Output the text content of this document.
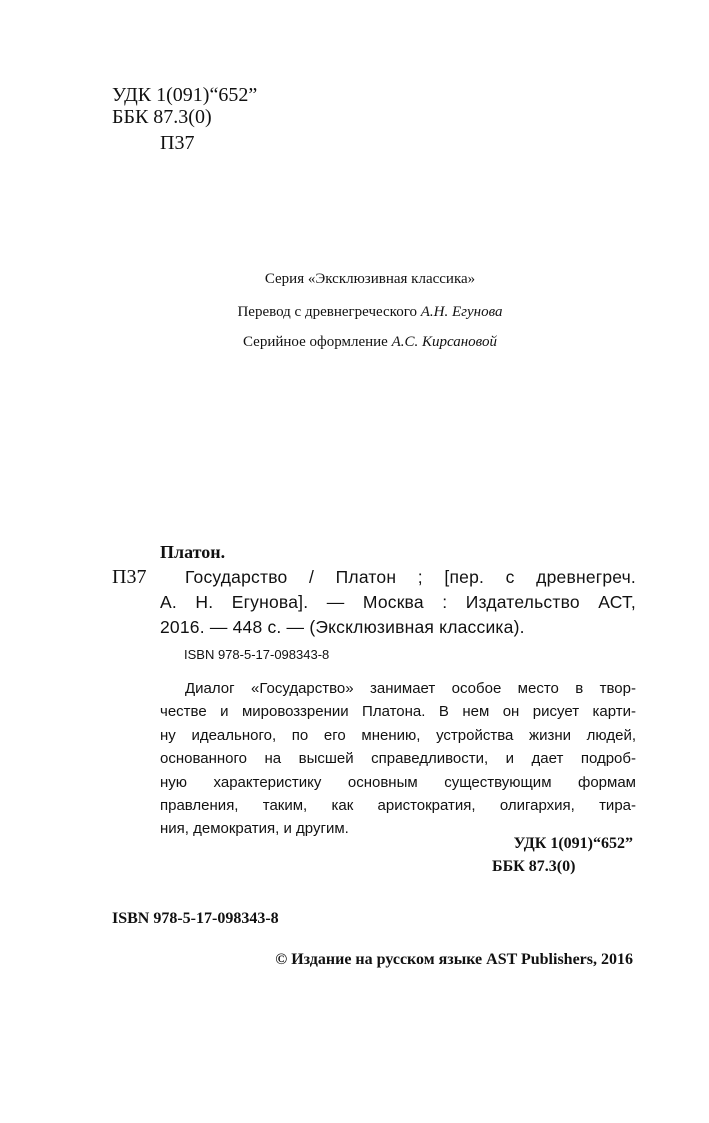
УДК 1(091)“652”
ББК 87.3(0)
П37
Серия «Эксклюзивная классика»
Перевод с древнегреческого А.Н. Егунова
Серийное оформление А.С. Кирсановой
Платон.
П37	Государство / Платон ; [пер. с древнегреч.
А. Н. Егунова]. — Москва : Издательство АСТ,
2016. — 448 с. — (Эксклюзивная классика).
ISBN 978-5-17-098343-8
Диалог «Государство» занимает особое место в твор-
честве и мировоззрении Платона. В нем он рисует карти-
ну идеального, по его мнению, устройства жизни людей,
основанного на высшей справедливости, и дает подроб-
ную характеристику основным существующим формам
правления, таким, как аристократия, олигархия, тира-
ния, демократия, и другим.
УДК 1(091)“652”
ББК 87.3(0)
ISBN 978-5-17-098343-8
© Издание на русском языке AST Publishers, 2016
